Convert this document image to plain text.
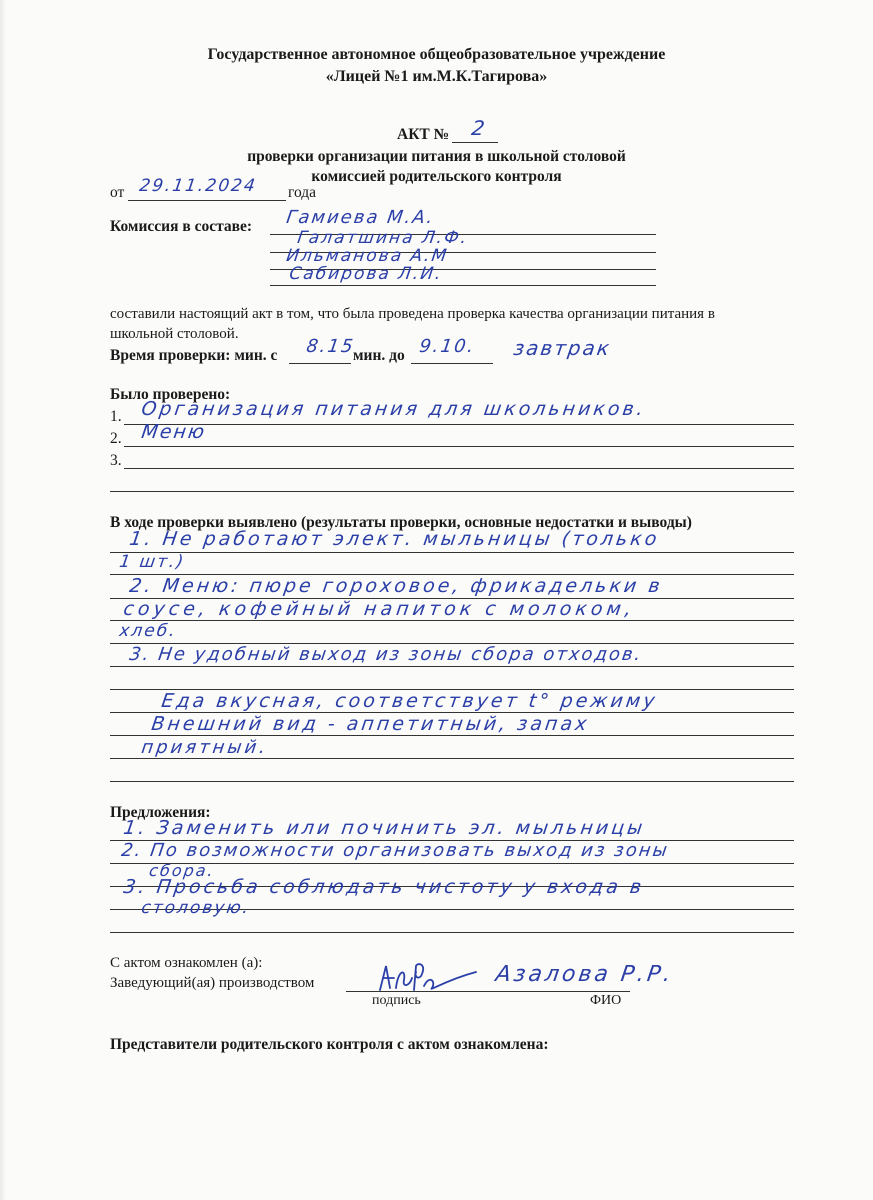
Государственное автономное общеобразовательное учреждение
«Лицей №1 им.М.К.Тагирова»
АКТ № 2
проверки организации питания в школьной столовой
комиссией родительского контроля
от 29.11.2024 года
Комиссия в составе: Гамиева М.А.
Галатшина Л.Ф.
Ильманова А.М
Сабирова Л.И.
составили настоящий акт в том, что была проведена проверка качества организации питания в
школьной столовой.
Время проверки: мин. с 8.15
мин. до 9.10. завтрак
Было проверено:
1. Организация питания для школьников.
2. Меню
3.
В ходе проверки выявлено (результаты проверки, основные недостатки и выводы)
1. Не работают элект. мыльницы (только
1 шт.)
2. Меню: пюре гороховое, фрикадельки в
соусе, кофейный напиток с молоком,
хлеб.
3. Не удобный выход из зоны сбора отходов.
Еда вкусная, соответствует t° режиму
Внешний вид - аппетитный, запах
приятный.
Предложения:
1. Заменить или починить эл. мыльницы
2. По возможности организовать выход из зоны
сбора.
3. Просьба соблюдать чистоту у входа в
столовую.
С актом ознакомлен (а):
Заведующий(ая) производством	Азалова Р.Р.
подпись	ФИО
Представители родительского контроля с актом ознакомлена:
